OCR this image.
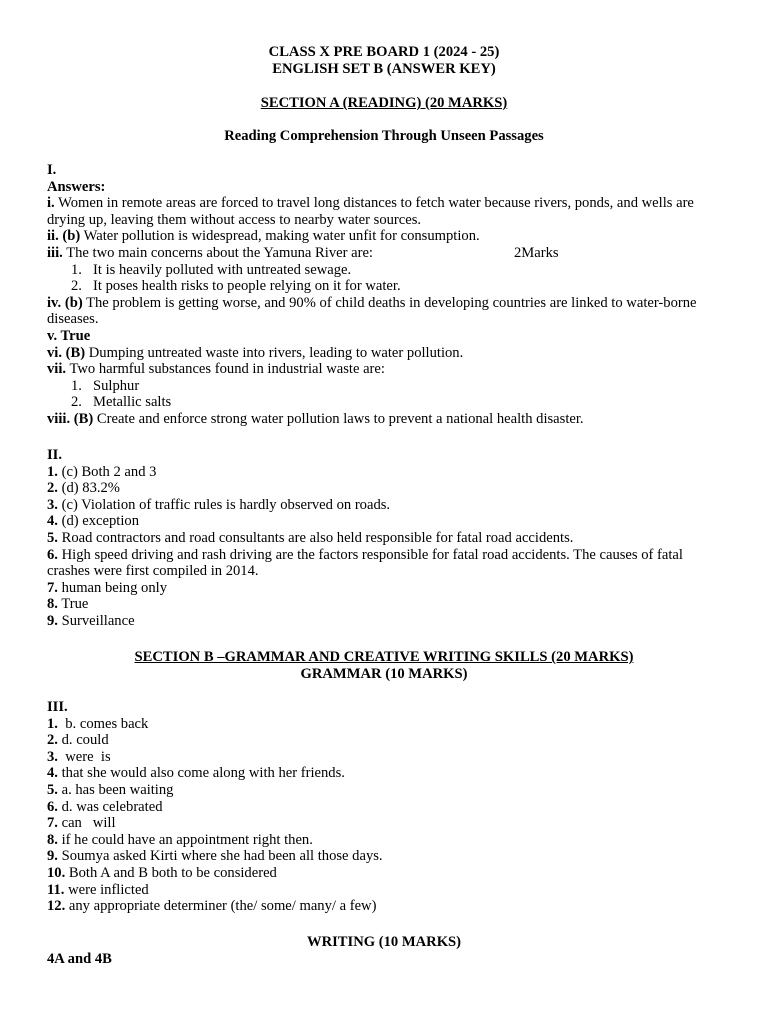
CLASS X PRE BOARD 1 (2024 - 25)
ENGLISH SET B (ANSWER KEY)
SECTION A (READING) (20 MARKS)
Reading Comprehension Through Unseen Passages
I.
Answers:
i. Women in remote areas are forced to travel long distances to fetch water because rivers, ponds, and wells are drying up, leaving them without access to nearby water sources.
ii. (b) Water pollution is widespread, making water unfit for consumption.
iii. The two main concerns about the Yamuna River are:	2Marks
1. It is heavily polluted with untreated sewage.
2. It poses health risks to people relying on it for water.
iv. (b) The problem is getting worse, and 90% of child deaths in developing countries are linked to water-borne diseases.
v. True
vi. (B) Dumping untreated waste into rivers, leading to water pollution.
vii. Two harmful substances found in industrial waste are:
1. Sulphur
2. Metallic salts
viii. (B) Create and enforce strong water pollution laws to prevent a national health disaster.
II.
1. (c) Both 2 and 3
2. (d) 83.2%
3. (c) Violation of traffic rules is hardly observed on roads.
4. (d) exception
5. Road contractors and road consultants are also held responsible for fatal road accidents.
6. High speed driving and rash driving are the factors responsible for fatal road accidents. The causes of fatal crashes were first compiled in 2014.
7. human being only
8. True
9. Surveillance
SECTION B –GRAMMAR AND CREATIVE WRITING SKILLS (20 MARKS)
GRAMMAR (10 MARKS)
III.
1.  b. comes back
2. d. could
3.  were  is
4. that she would also come along with her friends.
5. a. has been waiting
6. d. was celebrated
7. can   will
8. if he could have an appointment right then.
9. Soumya asked Kirti where she had been all those days.
10. Both A and B both to be considered
11. were inflicted
12. any appropriate determiner (the/ some/ many/ a few)
WRITING (10 MARKS)
4A and 4B
